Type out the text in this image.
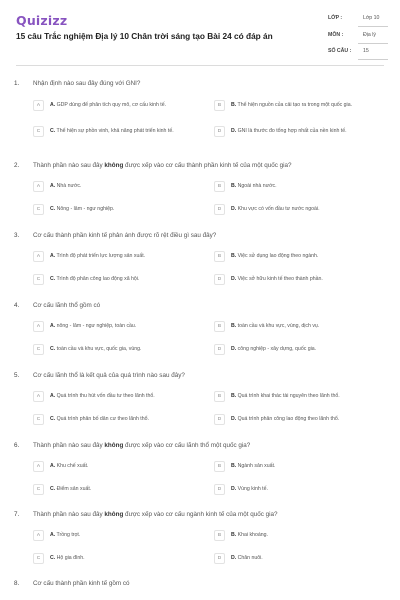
Quizizz
15 câu Trắc nghiệm Địa lý 10 Chân trời sáng tạo Bài 24 có đáp án
LỚP :	Lớp 10
MÔN :	Địa lý
SỐ CÂU : 15
1. Nhận định nào sau đây đúng với GNI?
A	A. GDP dùng để phân tích quy mô, cơ cấu kinh tế.	B	B. Thể hiện nguồn của cải tạo ra trong một quốc gia.
C	C. Thể hiện sự phồn vinh, khả năng phát triển kinh tế.	D	D. GNI là thước đo tổng hợp nhất của nền kinh tế.
2. Thành phần nào sau đây không được xếp vào cơ cấu thành phần kinh tế của một quốc gia?
A	A. Nhà nước.	B	B. Ngoài nhà nước.
C	C. Nông - lâm - ngư nghiệp.	D	D. Khu vực có vốn đầu tư nước ngoài.
3. Cơ cấu thành phần kinh tế phản ánh được rõ rệt điều gì sau đây?
A	A. Trình độ phát triển lực lượng sản xuất.	B	B. Việc sử dụng lao động theo ngành.
C	C. Trình độ phân công lao động xã hội.	D	D. Việc sở hữu kinh tế theo thành phần.
4. Cơ cấu lãnh thổ gồm có
A	A. nông - lâm - ngư nghiệp, toàn cầu.	B	B. toàn cầu và khu vực, vùng, dịch vụ.
C	C. toàn cầu và khu vực, quốc gia, vùng.	D	D. công nghiệp - xây dựng, quốc gia.
5. Cơ cấu lãnh thổ là kết quả của quá trình nào sau đây?
A	A. Quá trình thu hút vốn đầu tư theo lãnh thổ.	B	B. Quá trình khai thác tài nguyên theo lãnh thổ.
C	C. Quá trình phân bố dân cư theo lãnh thổ.	D	D. Quá trình phân công lao động theo lãnh thổ.
6. Thành phần nào sau đây không được xếp vào cơ cấu lãnh thổ một quốc gia?
A	A. Khu chế xuất.	B	B. Ngành sản xuất.
C	C. Điểm sản xuất.	D	D. Vùng kinh tế.
7. Thành phần nào sau đây không được xếp vào cơ cấu ngành kinh tế của một quốc gia?
A	A. Trồng trọt.	B	B. Khai khoáng.
C	C. Hộ gia đình.	D	D. Chăn nuôi.
8. Cơ cấu thành phần kinh tế gồm có
